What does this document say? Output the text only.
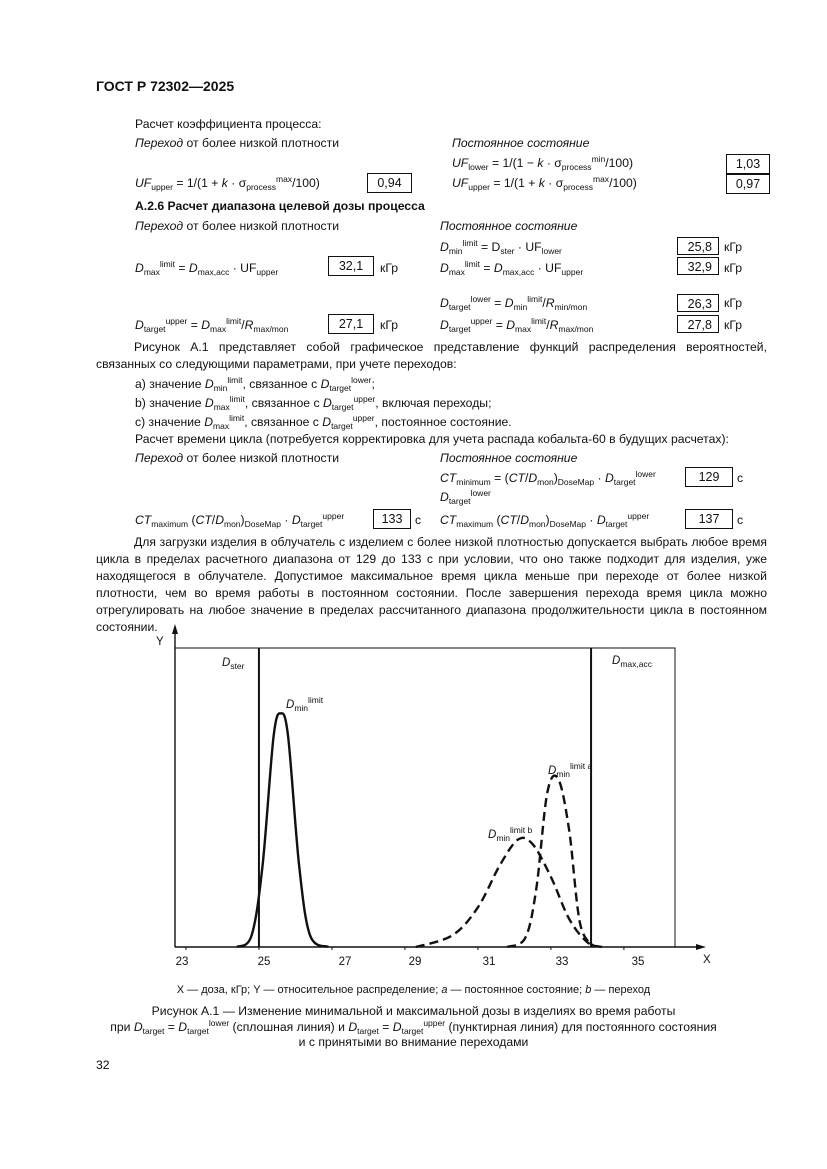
ГОСТ Р 72302—2025
Расчет коэффициента процесса:
Переход от более низкой плотности	Постоянное состояние
$UF_{lower} = 1/(1 - k \cdot \sigma_{process}^{min}/100)$	1,03
$UF_{upper} = 1/(1 + k \cdot \sigma_{process}^{max}/100)$	0,94	$UF_{upper} = 1/(1 + k \cdot \sigma_{process}^{max}/100)$	0,97
А.2.6 Расчет диапазона целевой дозы процесса
Переход от более низкой плотности	Постоянное состояние
$D_{min}^{limit} = D_{ster} \cdot UF_{lower}$	25,8 кГр
$D_{max}^{limit} = D_{max,acc} \cdot UF_{upper}$	32,1	кГр	$D_{max}^{limit} = D_{max,acc} \cdot UF_{upper}$	32,9 кГр
$D_{target}^{lower} = D_{min}^{limit}/R_{min/mon}$	26,3 кГр
$D_{target}^{upper} = D_{max}^{limit}/R_{max/mon}$	27,1	кГр	$D_{target}^{upper} = D_{max}^{limit}/R_{max/mon}$	27,8 кГр
Рисунок А.1 представляет собой графическое представление функций распределения вероятностей, связанных со следующими параметрами, при учете переходов:
a) значение $D_{min}^{limit}$, связанное с $D_{target}^{lower}$;
b) значение $D_{max}^{limit}$, связанное с $D_{target}^{upper}$, включая переходы;
c) значение $D_{max}^{limit}$, связанное с $D_{target}^{upper}$, постоянное состояние.
Расчет времени цикла (потребуется корректировка для учета распада кобальта-60 в будущих расчетах):
Переход от более низкой плотности	Постоянное состояние
$CT_{minimum} = (CT/D_{mon})_{DoseMap} \cdot D_{target}^{lower}$	129	с
$D_{target}^{lower}$
$CT_{maximum}$ $(CT/D_{mon})_{DoseMap} \cdot D_{target}^{upper}$	133	с $CT_{maximum}$ $(CT/D_{mon})_{DoseMap} \cdot D_{target}^{upper}$	137	с
Для загрузки изделия в облучатель с изделием с более низкой плотностью допускается выбрать любое время цикла в пределах расчетного диапазона от 129 до 133 с при условии, что оно также подходит для изделия, уже находящегося в облучателе. Допустимое максимальное время цикла меньше при переходе от более низкой плотности, чем во время работы в постоянном состоянии. После завершения перехода время цикла можно отрегулировать на любое значение в пределах рассчитанного диапазона продолжительности цикла в постоянном состоянии.
Y
X
$D_{ster}$	$D_{max,acc}$
$D_{min}^{limit}$
$D_{min}^{limit a}$
$D_{min}^{limit b}$
23	25	27	29	31	33	35
X — доза, кГр; Y — относительное распределение; a — постоянное состояние; b — переход
Рисунок А.1 — Изменение минимальной и максимальной дозы в изделиях во время работы
при $D_{target} = D_{target}^{lower}$ (сплошная линия) и $D_{target} = D_{target}^{upper}$ (пунктирная линия) для постоянного состояния
и с принятыми во внимание переходами
32
